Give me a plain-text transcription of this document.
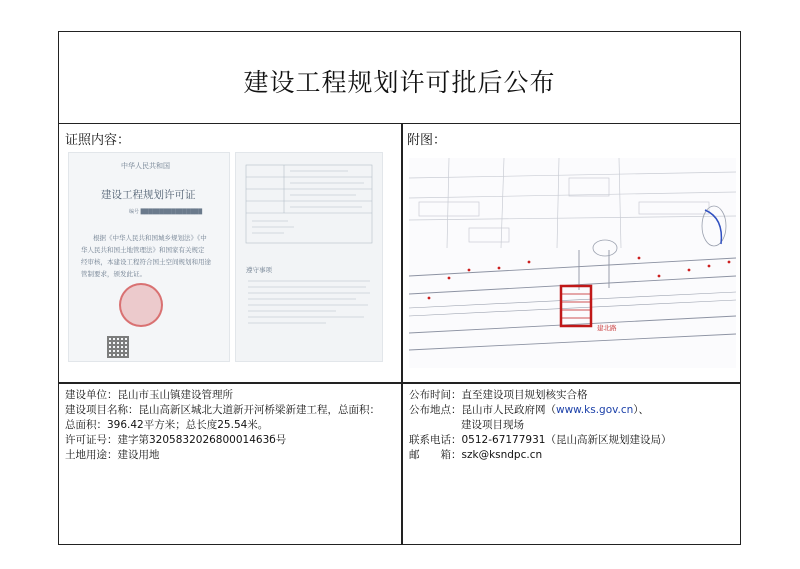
建设工程规划许可批后公布
证照内容：	附图：
中华人民共和国
建设工程规划许可证
编号 ████████████████
根据《中华人民共和国城乡规划法》《中
华人民共和国土地管理法》和国家有关规定
经审核，本建设工程符合国土空间规划和用途
管制要求，颁发此证。	遵守事项
建北路
建设单位：昆山市玉山镇建设管理所
建设项目名称：昆山高新区城北大道新开河桥梁新建工程，总面积：
总面积：396.42平方米；总长度25.54米。
许可证号：建字第320583202680001463б号
土地用途：建设用地
公布时间：直至建设项目规划核实合格
公布地点：昆山市人民政府网（www.ks.gov.cn）、
建设项目现场
联系电话：0512-67177931（昆山高新区规划建设局）
邮　　箱：szk@ksndpc.cn
